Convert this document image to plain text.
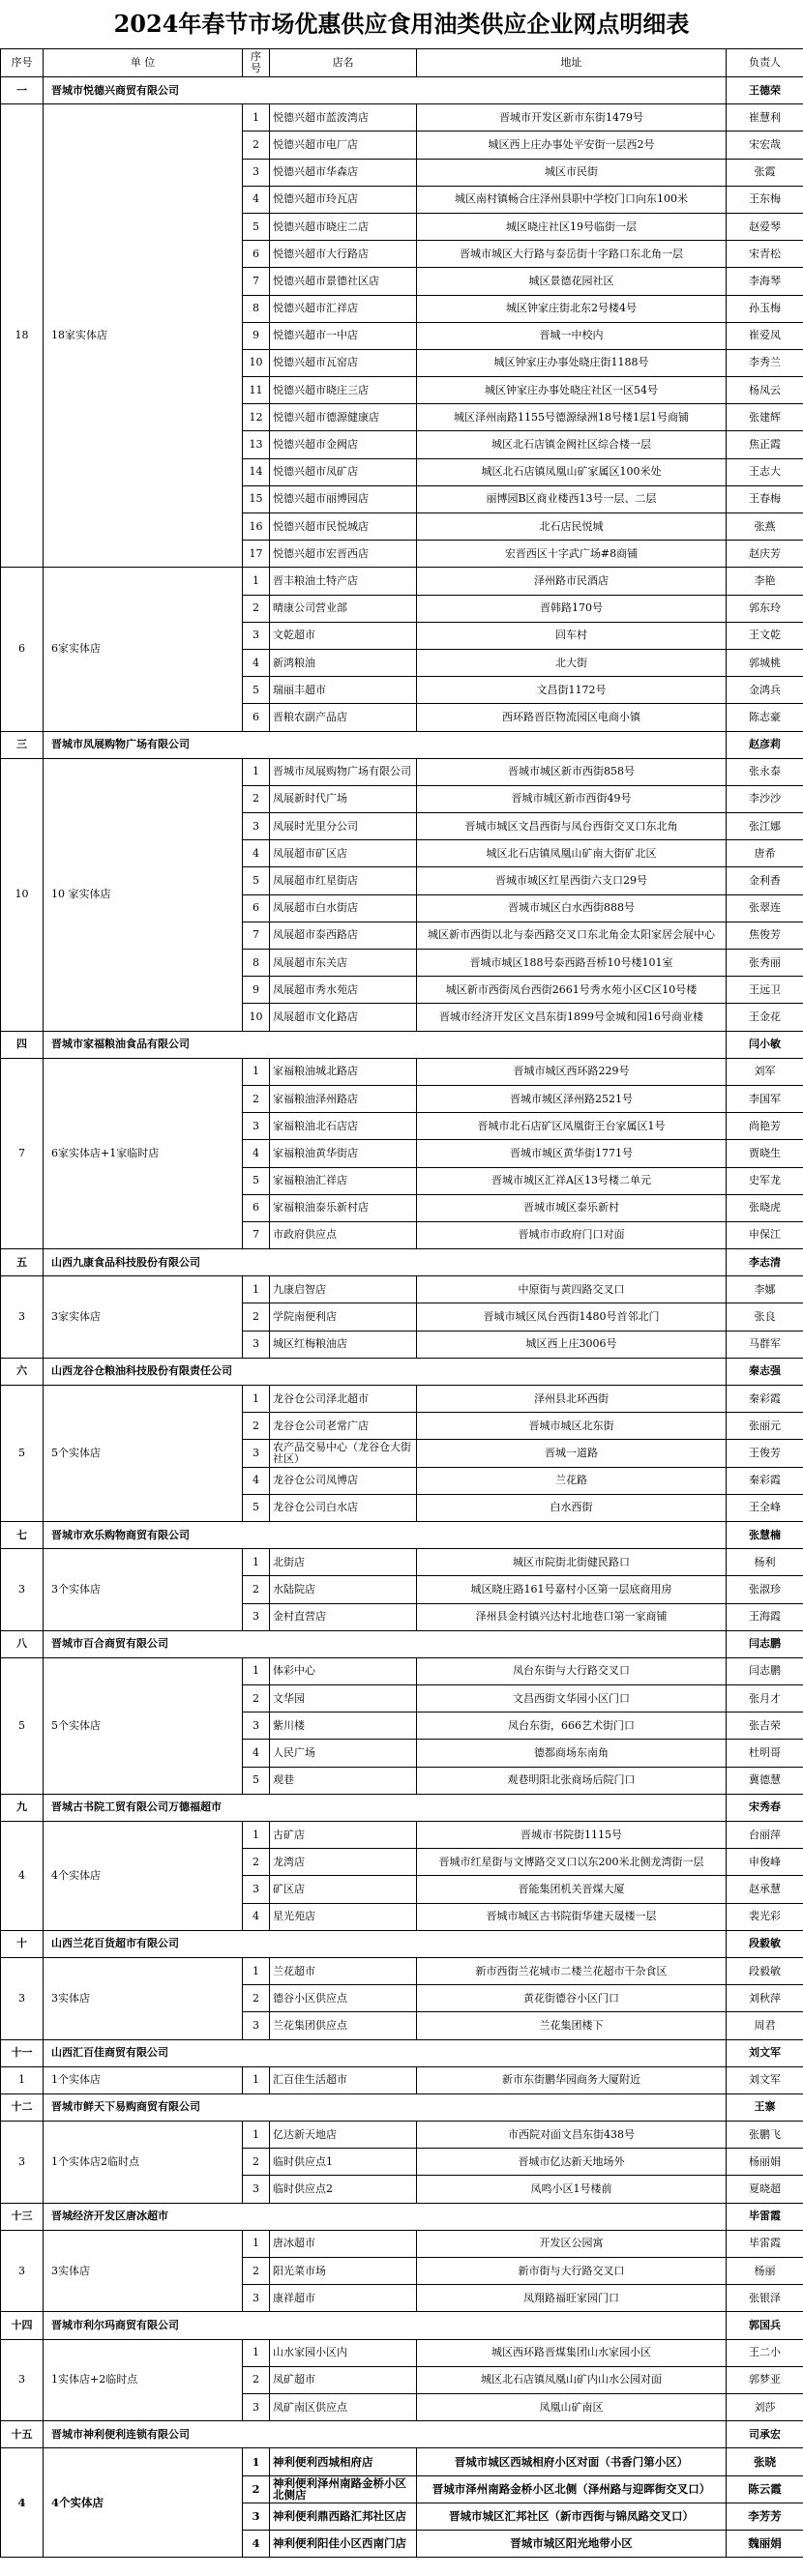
2024年春节市场优惠供应食用油类供应企业网点明细表
序号	单 位	序号	店名	地址	负责人
一	晋城市悦德兴商贸有限公司				王德荣
18	18家实体店	1	悦德兴超市蓝波湾店	晋城市开发区新市东街1479号	崔慧利
		2	悦德兴超市电厂店	城区西上庄办事处平安街一层西2号	宋宏哉
		3	悦德兴超市华森店	城区市民街	张霞
		4	悦德兴超市玲瓦店	城区南村镇畅合庄泽州县职中学校门口向东100米	王东梅
		5	悦德兴超市晓庄二店	城区晓庄社区19号临街一层	赵爱琴
		6	悦德兴超市大行路店	晋城市城区大行路与泰岳街十字路口东北角一层	宋青松
		7	悦德兴超市景德社区店	城区景德花园社区	李海琴
		8	悦德兴超市汇祥店	城区钟家庄街北东2号楼4号	孙玉梅
		9	悦德兴超市一中店	晋城一中校内	崔爱凤
		10	悦德兴超市瓦窑店	城区钟家庄办事处晓庄街1188号	李秀兰
		11	悦德兴超市晓庄三店	城区钟家庄办事处晓庄社区一区54号	杨凤云
		12	悦德兴超市德源健康店	城区泽州南路1155号德源绿洲18号楼1层1号商铺	张建辉
		13	悦德兴超市金阙店	城区北石店镇金阙社区综合楼一层	焦正霞
		14	悦德兴超市凤矿店	城区北石店镇凤凰山矿家属区100米处	王志大
		15	悦德兴超市丽博园店	丽博园B区商业楼西13号一层、二层	王春梅
		16	悦德兴超市民悦城店	北石店民悦城	张燕
		17	悦德兴超市宏晋西店	宏晋西区十字武广场#8商铺	赵庆芳
6	6家实体店	1	晋丰粮油土特产店	泽州路市民酒店	李艳
		2	晴康公司营业部	晋韩路170号	郭东玲
		3	文乾超市	回车村	王文乾
		4	新鸿粮油	北大街	郭城桃
		5	瑞丽丰超市	文昌街1172号	金鸿兵
		6	晋粮农副产品店	西环路晋臣物流园区电商小镇	陈志豪
三	晋城市凤展购物广场有限公司				赵彦莉
10	10 家实体店	1	晋城市凤展购物广场有限公司	晋城市城区新市西街858号	张永泰
		2	凤展新时代广场	晋城市城区新市西街49号	李沙沙
		3	凤展时光里分公司	晋城市城区文昌西街与凤台西街交叉口东北角	张江娜
		4	凤展超市矿区店	城区北石店镇凤凰山矿南大街矿北区	唐希
		5	凤展超市红星街店	晋城市城区红星西街六支口29号	金利香
		6	凤展超市白水街店	晋城市城区白水西街888号	张翠连
		7	凤展超市泰西路店	城区新市西街以北与泰西路交叉口东北角金太阳家居会展中心	焦俊芳
		8	凤展超市东关店	晋城市城区188号泰西路吾桥10号楼101室	张秀丽
		9	凤展超市秀水苑店	城区新市西街凤台西街2661号秀水苑小区C区10号楼	王远卫
		10	凤展超市文化路店	晋城市经济开发区文昌东街1899号金城和园16号商业楼	王金花
四	晋城市家福粮油食品有限公司				闫小敏
7	6家实体店+1家临时店	1	家福粮油城北路店	晋城市城区西环路229号	刘军
		2	家福粮油泽州路店	晋城市城区泽州路2521号	李国军
		3	家福粮油北石店店	晋城市北石店矿区凤凰街王台家属区1号	尚艳芳
		4	家福粮油黄华街店	晋城市城区黄华街1771号	贾晓生
		5	家福粮油汇祥店	晋城市城区汇祥A区13号楼二单元	史军龙
		6	家福粮油泰乐新村店	晋城市城区泰乐新村	张晓虎
		7	市政府供应点	晋城市市政府门口对面	申保江
五	山西九康食品科技股份有限公司				李志清
3	3家实体店	1	九康启智店	中原街与黄四路交叉口	李娜
		2	学院南便利店	晋城市城区凤台西街1480号首邻北门	张良
		3	城区红梅粮油店	城区西上庄3006号	马群军
六	山西龙谷仓粮油科技股份有限责任公司				秦志强
5	5个实体店	1	龙谷仓公司泽北超市	泽州县北环西街	秦彩霞
		2	龙谷仓公司老常广店	晋城市城区北东街	张丽元
		3	农产品交易中心（龙谷仓大街社区）	晋城一道路	王俊芳
		4	龙谷仓公司凤博店	兰花路	秦彩霞
		5	龙谷仓公司白水店	白水西街	王全峰
七	晋城市欢乐购物商贸有限公司				张慧楠
3	3个实体店	1	北街店	城区市院街北街健民路口	杨利
		2	水陆院店	城区晓庄路161号嘉村小区第一层底商用房	张淑珍
		3	金村直营店	泽州县金村镇兴达村北地巷口第一家商铺	王海霞
八	晋城市百合商贸有限公司				闫志鹏
5	5个实体店	1	体彩中心	凤台东街与大行路交叉口	闫志鹏
		2	文华园	文昌西街文华园小区门口	张月才
		3	紫川楼	凤台东街，666艺术街门口	张吉荣
		4	人民广场	德都商场东南角	杜明哥
		5	观巷	观巷明阳北张商场后院门口	冀德慧
九	晋城古书院工贸有限公司万德福超市				宋秀春
4	4个实体店	1	古矿店	晋城市书院街1115号	台丽萍
		2	龙湾店	晋城市红星街与文博路交叉口以东200米北侧龙湾街一层	申俊峰
		3	矿区店	晋能集团机关晋煤大厦	赵承慧
		4	星光苑店	晋城市城区古书院街华建天晟楼一层	裴光彩
十	山西兰花百货超市有限公司				段毅敏
3	3实体店	1	兰花超市	新市西街兰花城市二楼兰花超市干杂食区	段毅敏
		2	德谷小区供应点	黄花街德谷小区门口	刘秋萍
		3	兰花集团供应点	兰花集团楼下	周君
十一	山西汇百佳商贸有限公司				刘文军
1	1个实体店	1	汇百佳生活超市	新市东街鹏华园商务大厦附近	刘文军
十二	晋城市鲜天下易购商贸有限公司				王寨
3	1个实体店2临时点	1	亿达新天地店	市西院对面文昌东街438号	张鹏飞
		2	临时供应点1	晋城市亿达新天地场外	杨丽娟
		3	临时供应点2	凤鸣小区1号楼前	夏晓超
十三	晋城经济开发区唐冰超市				毕雷霞
3	3实体店	1	唐冰超市	开发区公园寓	毕雷霞
		2	阳光菜市场	新市街与大行路交叉口	杨丽
		3	康祥超市	凤翔路福旺家园门口	张银泽
十四	晋城市利尔玛商贸有限公司				郭国兵
3	1实体店+2临时点	1	山水家园小区内	城区西环路晋煤集团山水家园小区	王二小
		2	凤矿超市	城区北石店镇凤凰山矿内山水公园对面	郭梦亚
		3	凤矿南区供应点	凤凰山矿南区	刘莎
十五	晋城市神利便利连锁有限公司				司承宏
4	4个实体店	1	神利便利西城相府店	晋城市城区西城相府小区对面（书香门第小区）	张晓
		2	神利便利泽州南路金桥小区北侧店	晋城市泽州南路金桥小区北侧（泽州路与迎晖街交叉口）	陈云霞
		3	神利便利鼎西路汇邦社区店	晋城市城区汇邦社区（新市西街与锦凤路交叉口）	李芳芳
		4	神利便利阳佳小区西南门店	晋城市城区阳光地带小区	魏丽娟
